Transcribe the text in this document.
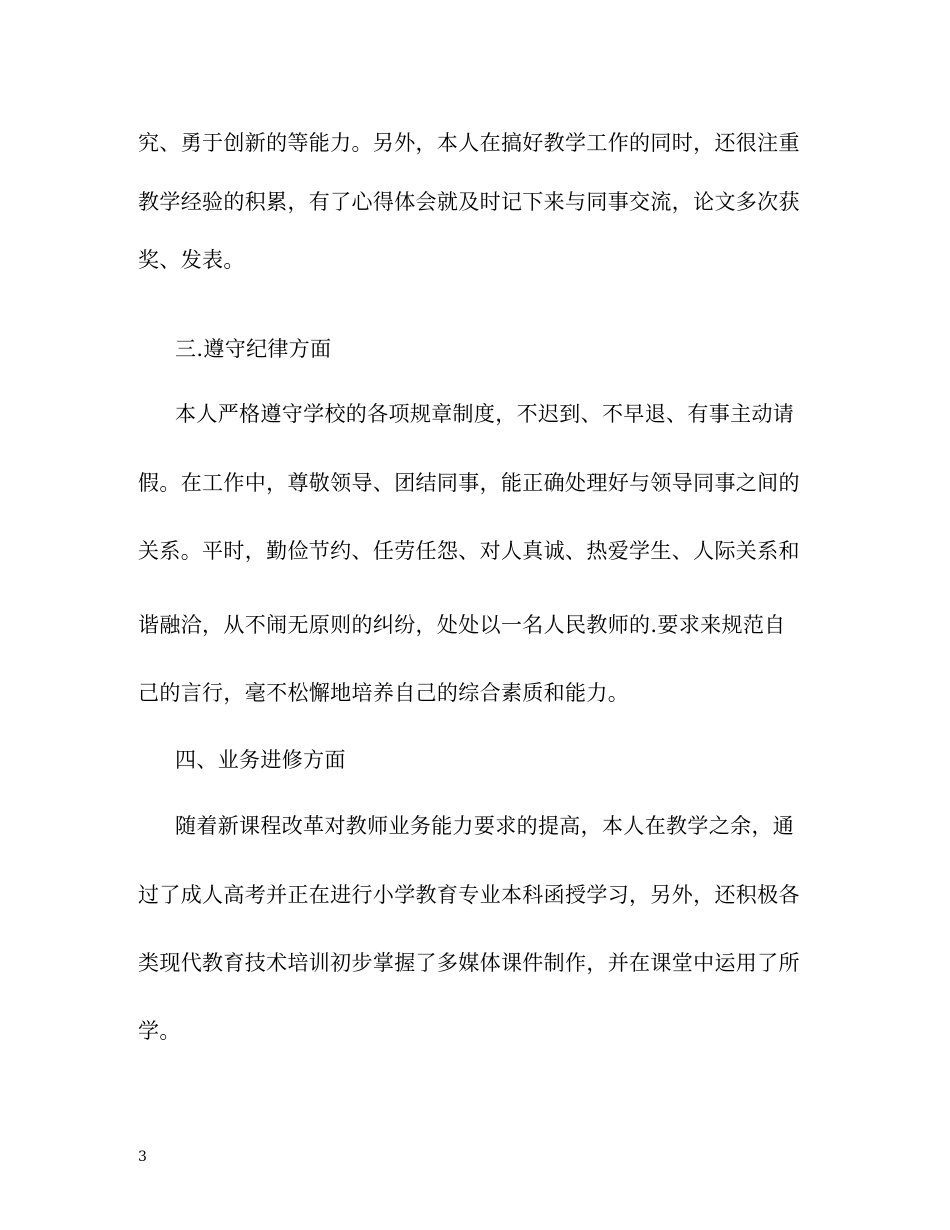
究、勇于创新的等能力。另外，本人在搞好教学工作的同时，还很注重
教学经验的积累，有了心得体会就及时记下来与同事交流，论文多次获
奖、发表。
三.遵守纪律方面
本人严格遵守学校的各项规章制度，不迟到、不早退、有事主动请
假。在工作中，尊敬领导、团结同事，能正确处理好与领导同事之间的
关系。平时，勤俭节约、任劳任怨、对人真诚、热爱学生、人际关系和
谐融洽，从不闹无原则的纠纷，处处以一名人民教师的.要求来规范自
己的言行，毫不松懈地培养自己的综合素质和能力。
四、业务进修方面
随着新课程改革对教师业务能力要求的提高，本人在教学之余，通
过了成人高考并正在进行小学教育专业本科函授学习，另外，还积极各
类现代教育技术培训初步掌握了多媒体课件制作，并在课堂中运用了所
学。
3
